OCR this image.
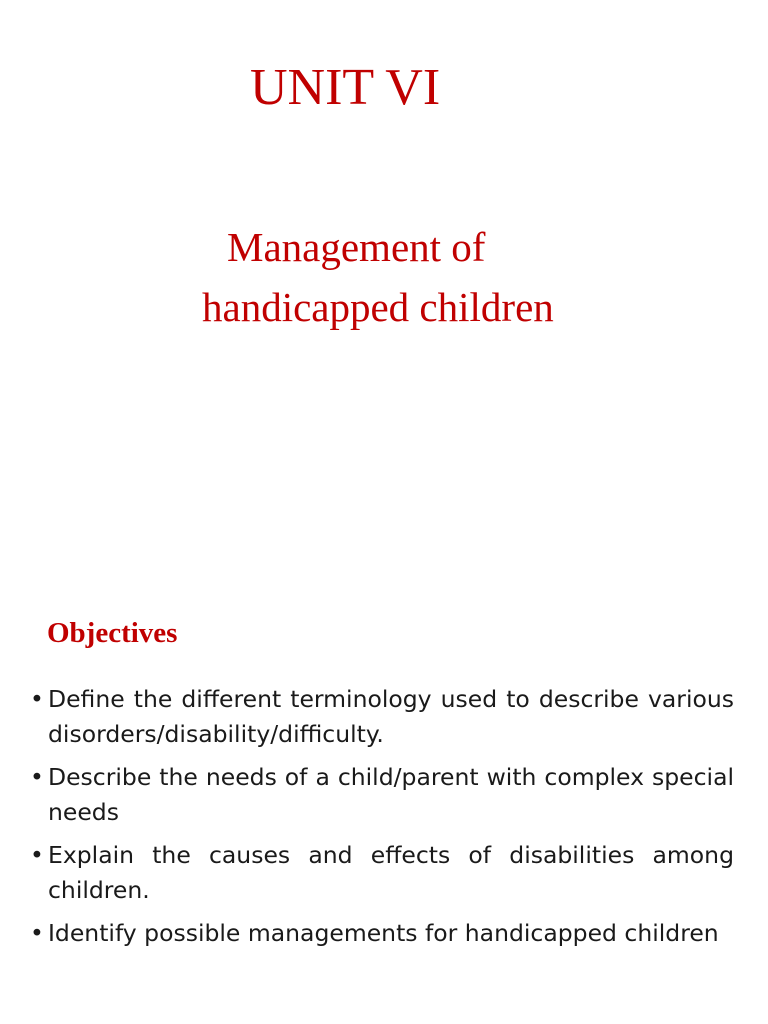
UNIT VI
Management of
handicapped children
Objectives
• Define the different terminology used to describe various disorders/disability/difficulty.
• Describe the needs of a child/parent with complex special needs
• Explain the causes and effects of disabilities among children.
• Identify possible managements for handicapped children
